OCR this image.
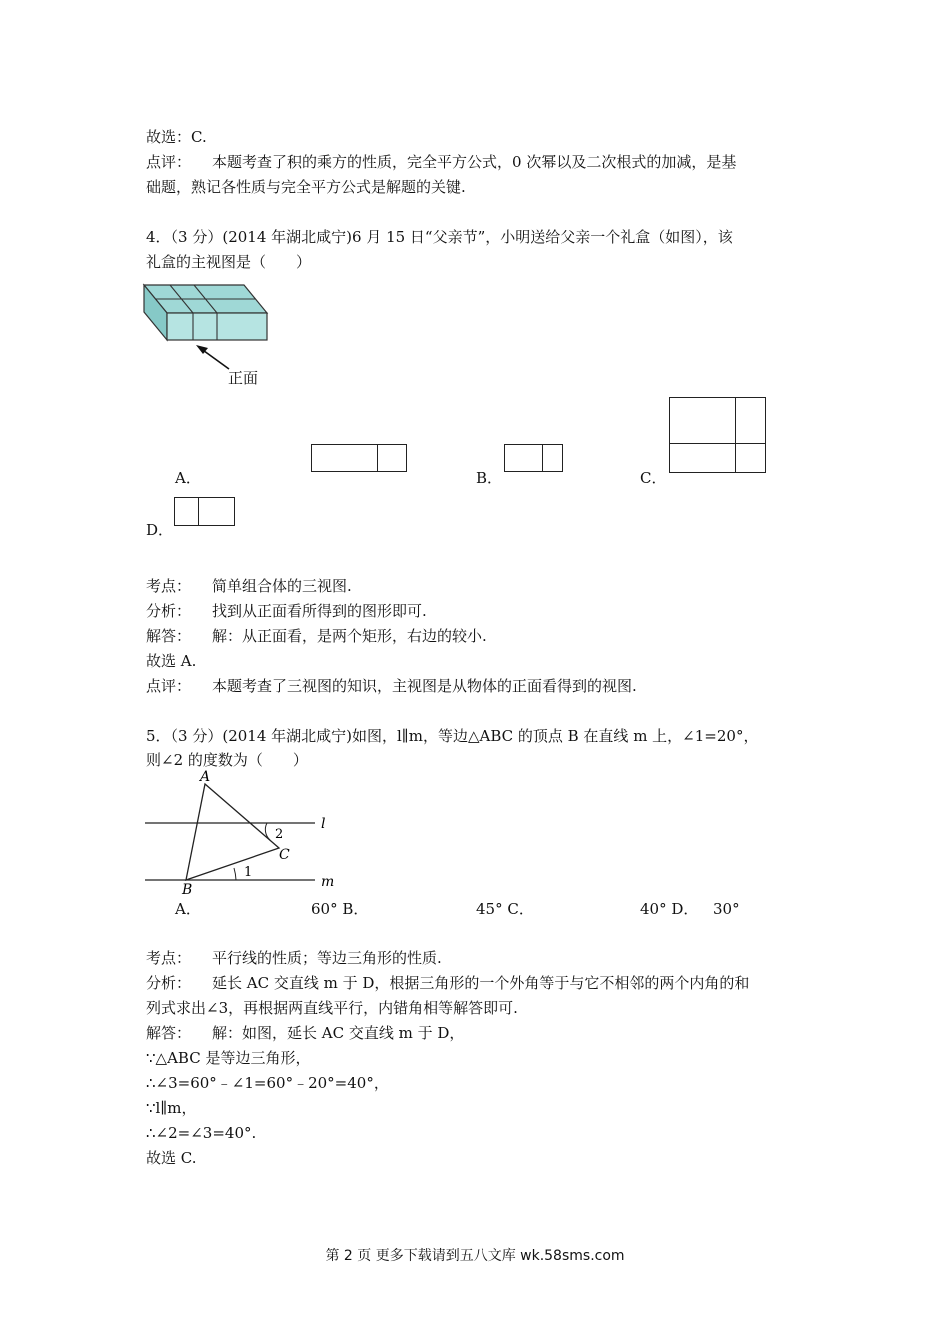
故选：C.
点评： 本题考查了积的乘方的性质，完全平方公式，0 次幂以及二次根式的加减，是基
础题，熟记各性质与完全平方公式是解题的关键.
4．（3 分）(2014 年湖北咸宁)6 月 15 日“父亲节”，小明送给父亲一个礼盒（如图），该
礼盒的主视图是（　　）
正面
A．	B．	C．
D．
考点： 简单组合体的三视图.
分析： 找到从正面看所得到的图形即可.
解答： 解：从正面看，是两个矩形，右边的较小.
故选 A.
点评： 本题考查了三视图的知识，主视图是从物体的正面看得到的视图.
5．（3 分）(2014 年湖北咸宁)如图，l∥m，等边△ABC 的顶点 B 在直线 m 上，∠1=20°，
则∠2 的度数为（　　）
A
B
C
l
m
1
2
A．	60° B．	45° C．	40° D． 30°
考点： 平行线的性质；等边三角形的性质.
分析： 延长 AC 交直线 m 于 D，根据三角形的一个外角等于与它不相邻的两个内角的和
列式求出∠3，再根据两直线平行，内错角相等解答即可.
解答： 解：如图，延长 AC 交直线 m 于 D，
∵△ABC 是等边三角形，
∴∠3=60°﹣∠1=60°﹣20°=40°，
∵l∥m，
∴∠2=∠3=40°.
故选 C.
第 2 页 更多下载请到五八文库 wk.58sms.com
